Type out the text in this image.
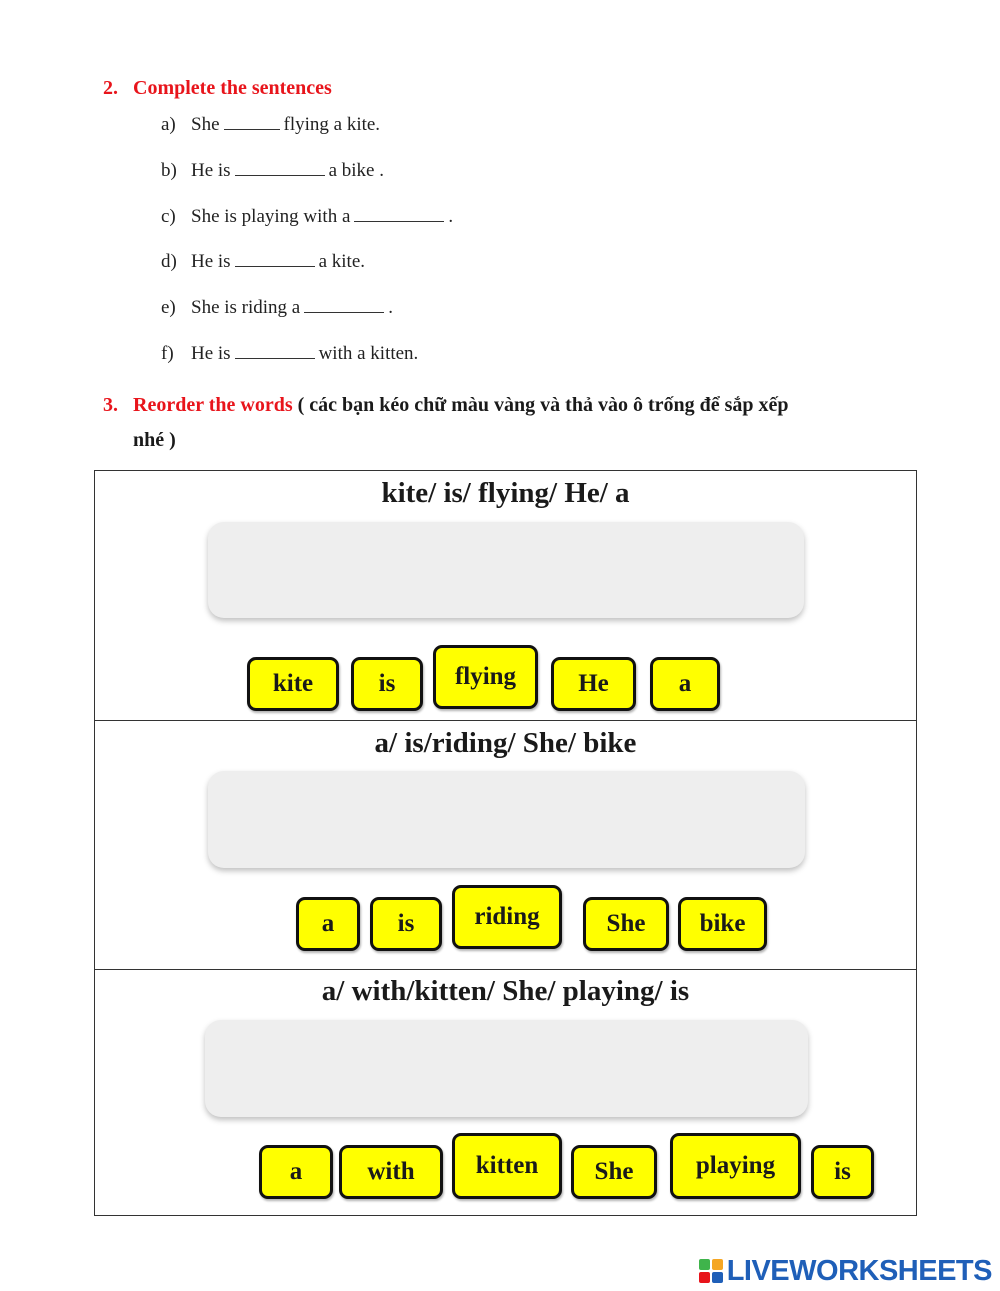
2. Complete the sentences
a) She	flying a kite.
b) He is	a bike .
c) She is playing with a	.
d) He is	a kite.
e) She is riding a	.
f) He is	with a kitten.
3. Reorder the words ( các bạn kéo chữ màu vàng và thả vào ô trống để sắp xếp
nhé )
kite/ is/ flying/ He/ a
kite	is	flying	He	a
a/ is/riding/ She/ bike
a	is	riding	She	bike
a/ with/kitten/ She/ playing/ is
a	with	kitten	She	playing	is
LIVEWORKSHEETS
